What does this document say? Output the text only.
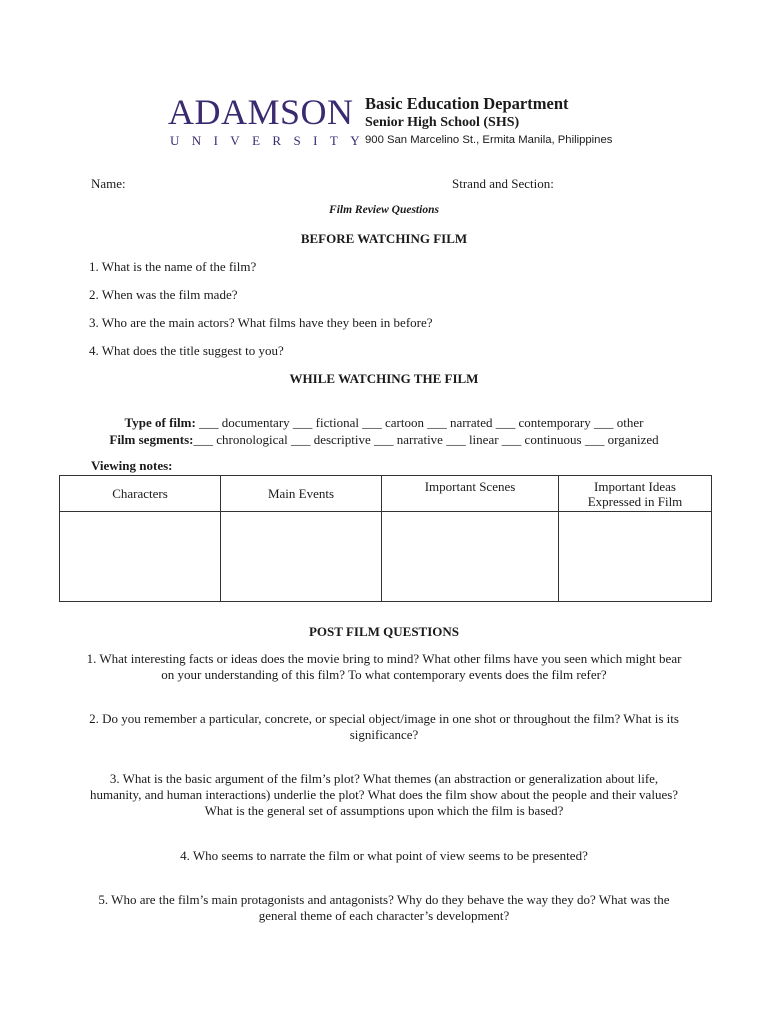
ADAMSON
UNIVERSITY
Basic Education Department
Senior High School (SHS)
900 San Marcelino St., Ermita Manila, Philippines
Name:	Strand and Section:
Film Review Questions
BEFORE WATCHING FILM
1. What is the name of the film?
2. When was the film made?
3. Who are the main actors? What films have they been in before?
4. What does the title suggest to you?
WHILE WATCHING THE FILM
Type of film: ___ documentary ___ fictional ___ cartoon ___ narrated ___ contemporary ___ other
Film segments:___ chronological ___ descriptive ___ narrative ___ linear ___ continuous ___ organized
Viewing notes:
Characters	Main Events	Important Scenes	Important Ideas
Expressed in Film

POST FILM QUESTIONS
1. What interesting facts or ideas does the movie bring to mind? What other films have you seen which might bear on your understanding of this film? To what contemporary events does the film refer?
2. Do you remember a particular, concrete, or special object/image in one shot or throughout the film? What is its significance?
3. What is the basic argument of the film’s plot? What themes (an abstraction or generalization about life, humanity, and human interactions) underlie the plot? What does the film show about the people and their values? What is the general set of assumptions upon which the film is based?
4. Who seems to narrate the film or what point of view seems to be presented?
5. Who are the film’s main protagonists and antagonists? Why do they behave the way they do? What was the general theme of each character’s development?
